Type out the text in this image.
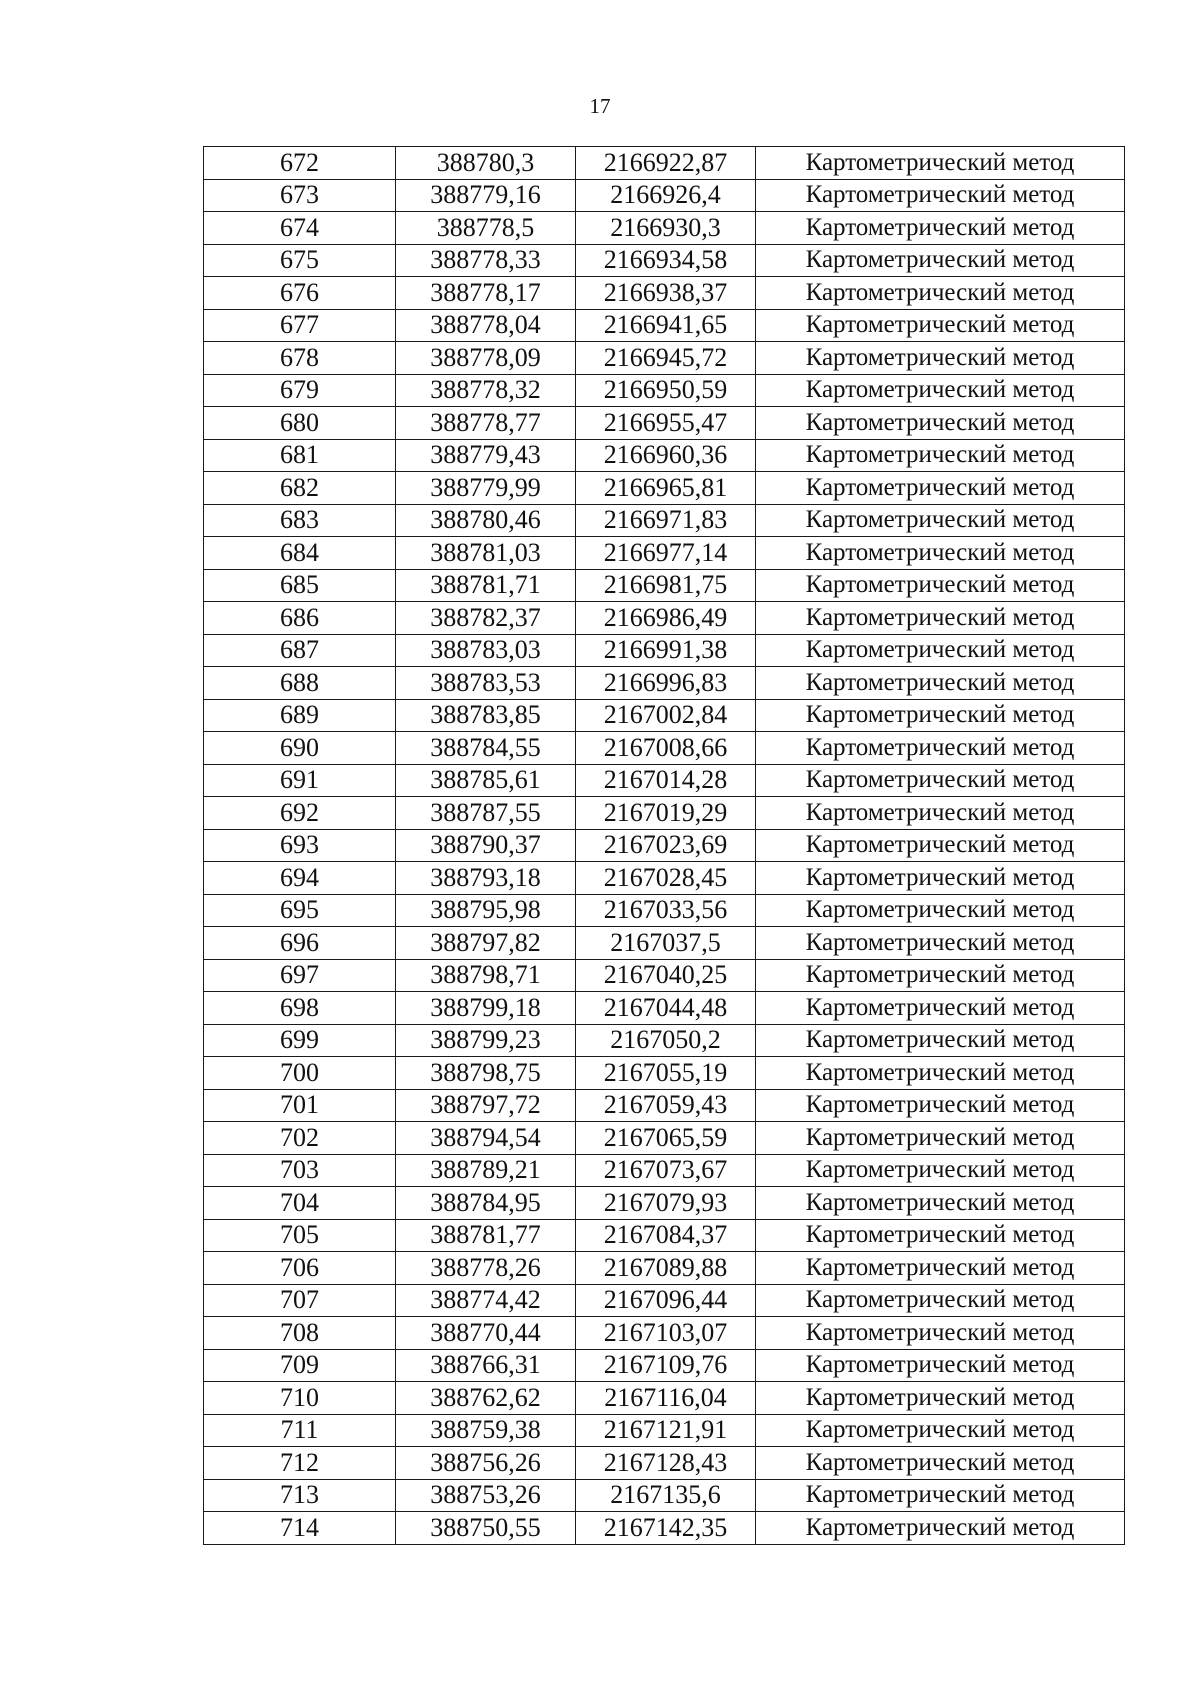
17
672	388780,3	2166922,87	Картометрический метод
673	388779,16	2166926,4	Картометрический метод
674	388778,5	2166930,3	Картометрический метод
675	388778,33	2166934,58	Картометрический метод
676	388778,17	2166938,37	Картометрический метод
677	388778,04	2166941,65	Картометрический метод
678	388778,09	2166945,72	Картометрический метод
679	388778,32	2166950,59	Картометрический метод
680	388778,77	2166955,47	Картометрический метод
681	388779,43	2166960,36	Картометрический метод
682	388779,99	2166965,81	Картометрический метод
683	388780,46	2166971,83	Картометрический метод
684	388781,03	2166977,14	Картометрический метод
685	388781,71	2166981,75	Картометрический метод
686	388782,37	2166986,49	Картометрический метод
687	388783,03	2166991,38	Картометрический метод
688	388783,53	2166996,83	Картометрический метод
689	388783,85	2167002,84	Картометрический метод
690	388784,55	2167008,66	Картометрический метод
691	388785,61	2167014,28	Картометрический метод
692	388787,55	2167019,29	Картометрический метод
693	388790,37	2167023,69	Картометрический метод
694	388793,18	2167028,45	Картометрический метод
695	388795,98	2167033,56	Картометрический метод
696	388797,82	2167037,5	Картометрический метод
697	388798,71	2167040,25	Картометрический метод
698	388799,18	2167044,48	Картометрический метод
699	388799,23	2167050,2	Картометрический метод
700	388798,75	2167055,19	Картометрический метод
701	388797,72	2167059,43	Картометрический метод
702	388794,54	2167065,59	Картометрический метод
703	388789,21	2167073,67	Картометрический метод
704	388784,95	2167079,93	Картометрический метод
705	388781,77	2167084,37	Картометрический метод
706	388778,26	2167089,88	Картометрический метод
707	388774,42	2167096,44	Картометрический метод
708	388770,44	2167103,07	Картометрический метод
709	388766,31	2167109,76	Картометрический метод
710	388762,62	2167116,04	Картометрический метод
711	388759,38	2167121,91	Картометрический метод
712	388756,26	2167128,43	Картометрический метод
713	388753,26	2167135,6	Картометрический метод
714	388750,55	2167142,35	Картометрический метод
